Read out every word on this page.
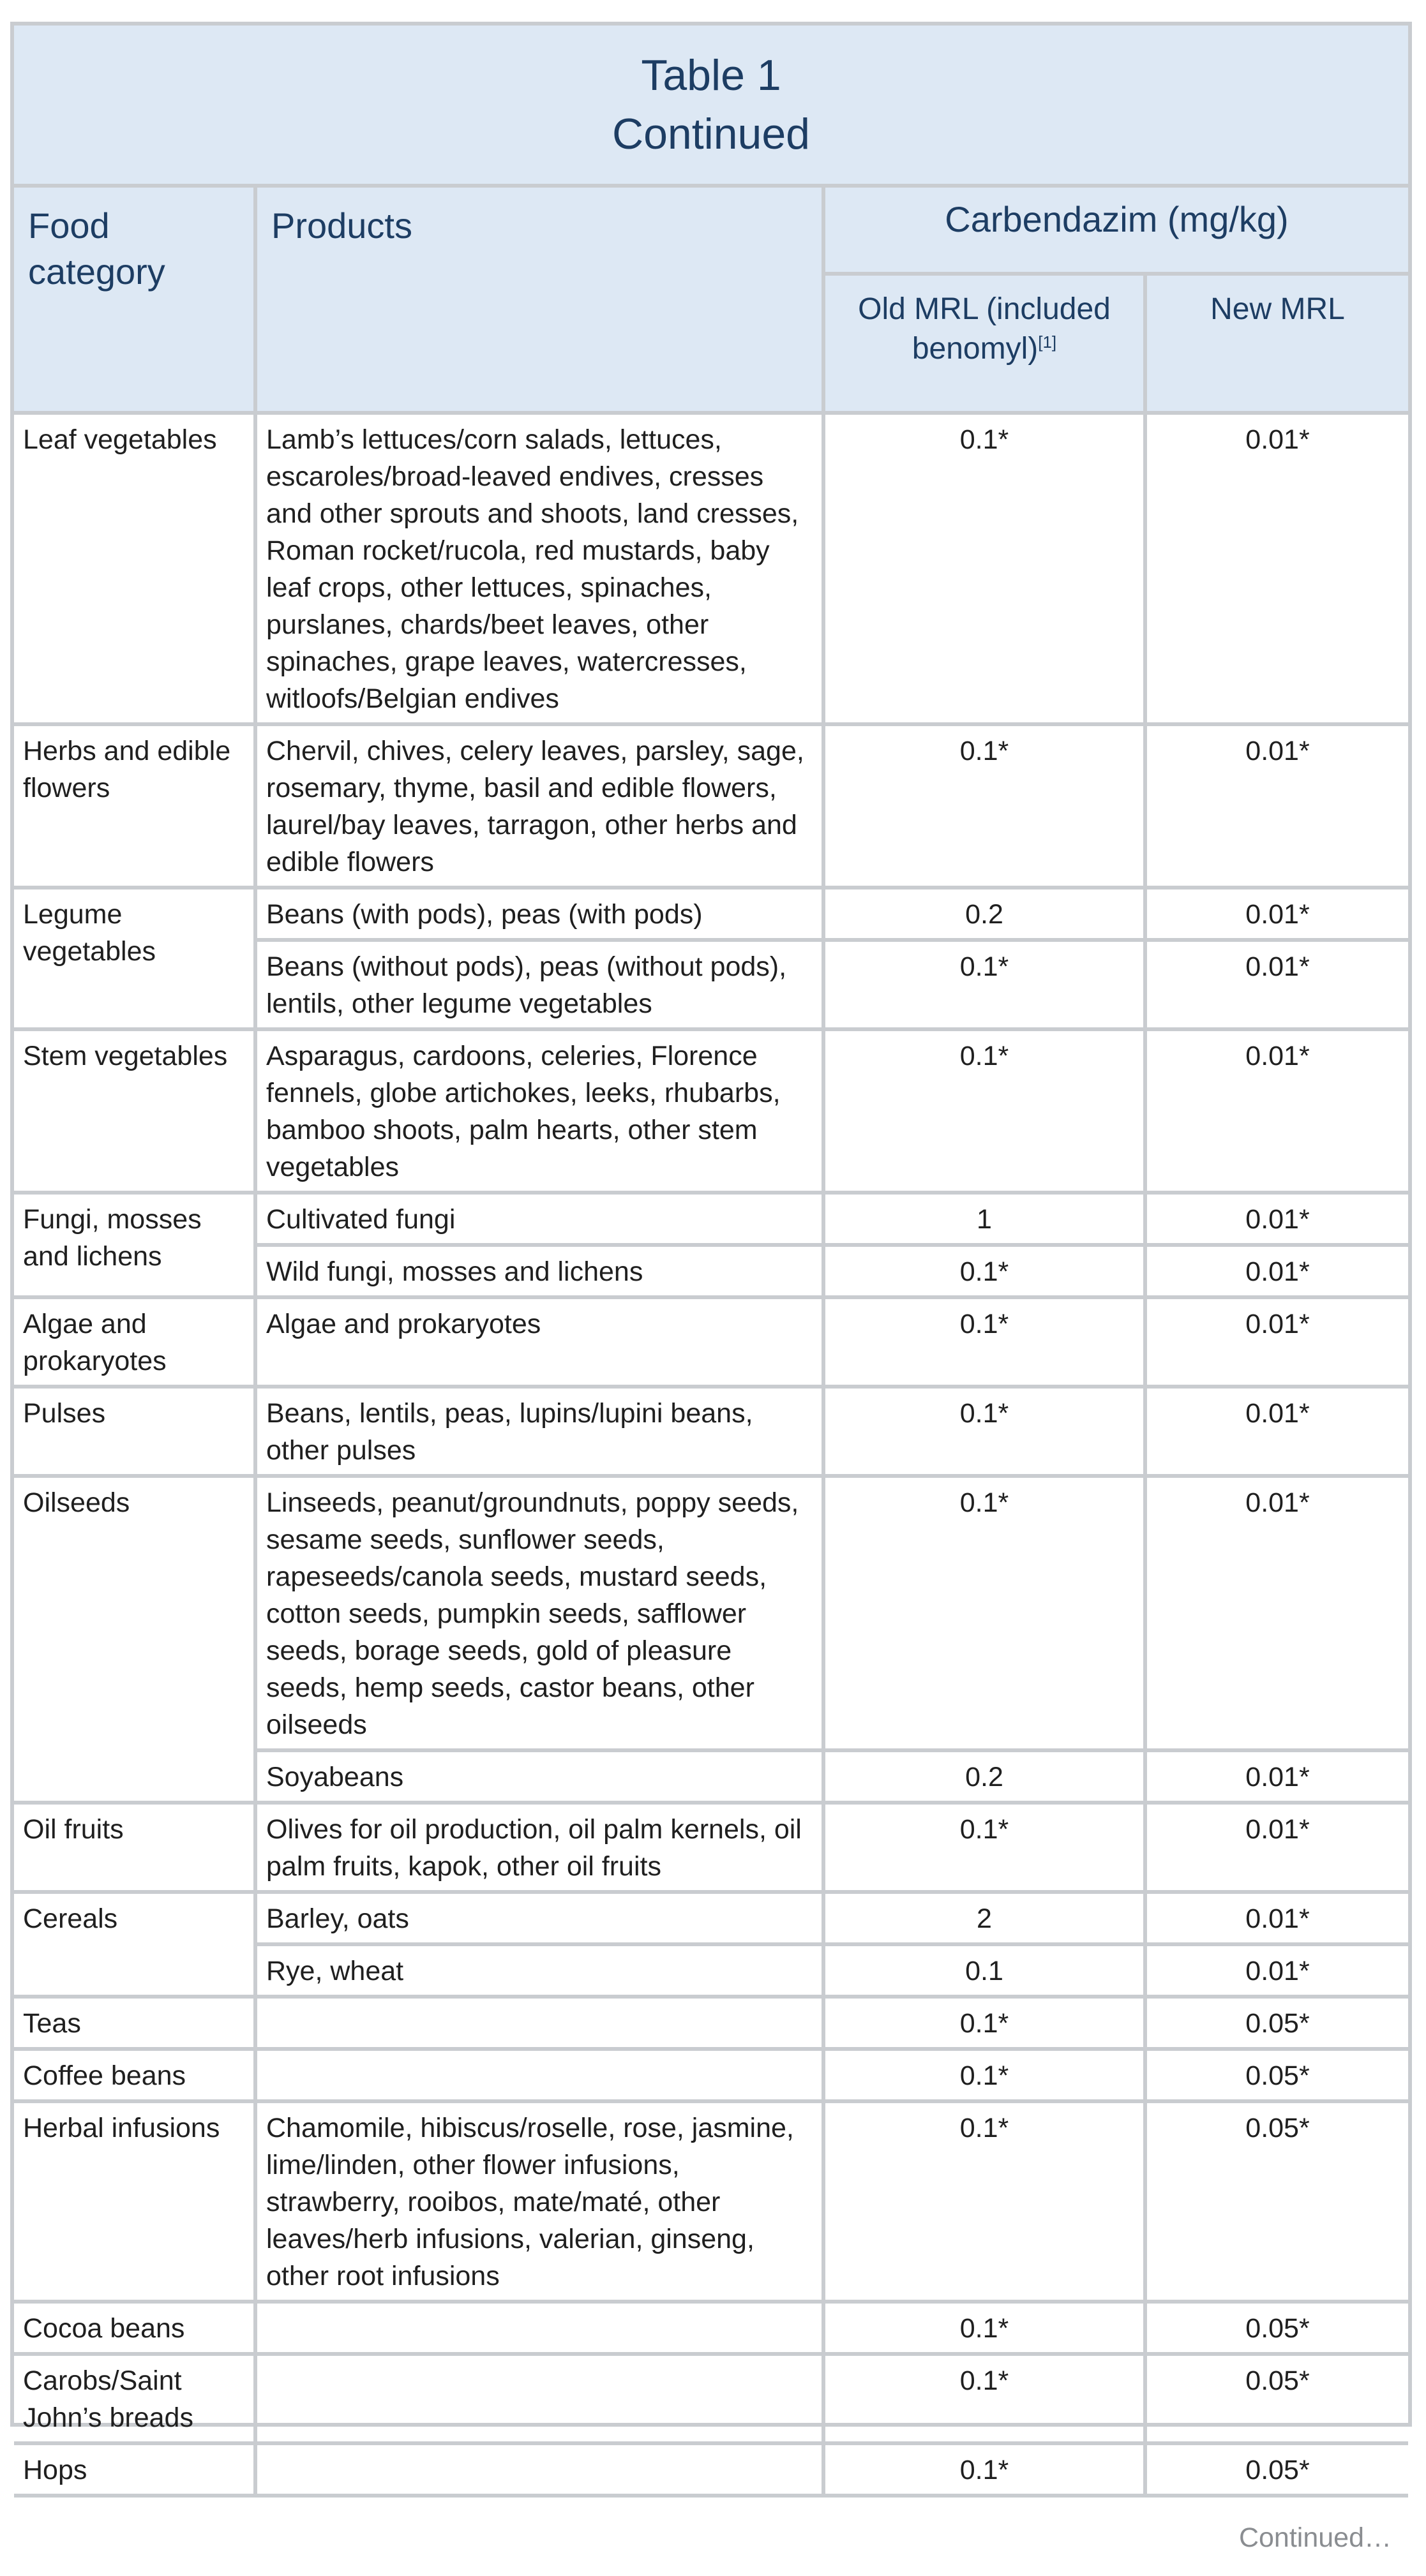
Table 1
Continued
Food category	Products	Carbendazim (mg/kg)	
		Old MRL (included benomyl)[1]	New MRL
Leaf vegetables	Lamb’s lettuces/corn salads, lettuces, escaroles/broad-leaved endives, cresses and other sprouts and shoots, land cresses, Roman rocket/rucola, red mustards, baby leaf crops, other lettuces, spinaches, purslanes, chards/beet leaves, other spinaches, grape leaves, watercresses, witloofs/Belgian endives	0.1*	0.01*
Herbs and edible flowers	Chervil, chives, celery leaves, parsley, sage, rosemary, thyme, basil and edible flowers, laurel/bay leaves, tarragon, other herbs and edible flowers	0.1*	0.01*
Legume vegetables	Beans (with pods), peas (with pods)	0.2	0.01*
	Beans (without pods), peas (without pods), lentils, other legume vegetables	0.1*	0.01*
Stem vegetables	Asparagus, cardoons, celeries, Florence fennels, globe artichokes, leeks, rhubarbs, bamboo shoots, palm hearts, other stem vegetables	0.1*	0.01*
Fungi, mosses and lichens	Cultivated fungi	1	0.01*
	Wild fungi, mosses and lichens	0.1*	0.01*
Algae and prokaryotes	Algae and prokaryotes	0.1*	0.01*
Pulses	Beans, lentils, peas, lupins/lupini beans, other pulses	0.1*	0.01*
Oilseeds	Linseeds, peanut/groundnuts, poppy seeds, sesame seeds, sunflower seeds, rapeseeds/canola seeds, mustard seeds, cotton seeds, pumpkin seeds, safflower seeds, borage seeds, gold of pleasure seeds, hemp seeds, castor beans, other oilseeds	0.1*	0.01*
	Soyabeans	0.2	0.01*
Oil fruits	Olives for oil production, oil palm kernels, oil palm fruits, kapok, other oil fruits	0.1*	0.01*
Cereals	Barley, oats	2	0.01*
	Rye, wheat	0.1	0.01*
Teas		0.1*	0.05*
Coffee beans		0.1*	0.05*
Herbal infusions	Chamomile, hibiscus/roselle, rose, jasmine, lime/linden, other flower infusions, strawberry, rooibos, mate/maté, other leaves/herb infusions, valerian, ginseng, other root infusions	0.1*	0.05*
Cocoa beans		0.1*	0.05*
Carobs/Saint John’s breads		0.1*	0.05*
Hops		0.1*	0.05*
Continued…			
